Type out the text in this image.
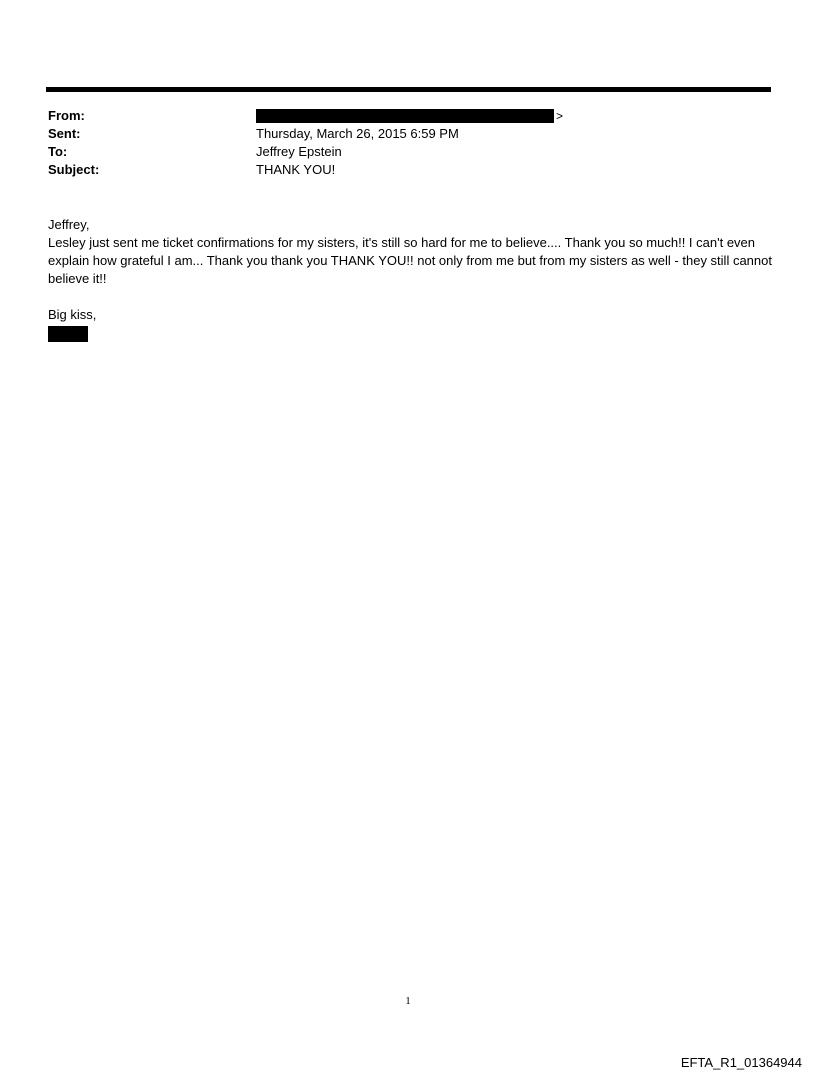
From:	>
Sent:	Thursday, March 26, 2015 6:59 PM
To:	Jeffrey Epstein
Subject:	THANK YOU!

Jeffrey,

Lesley just sent me ticket confirmations for my sisters, it's still so hard for me to believe.... Thank you so much!! I can't even explain how grateful I am... Thank you thank you THANK YOU!! not only from me but from my sisters as well - they still cannot believe it!!

Big kiss,

1
EFTA_R1_01364944
